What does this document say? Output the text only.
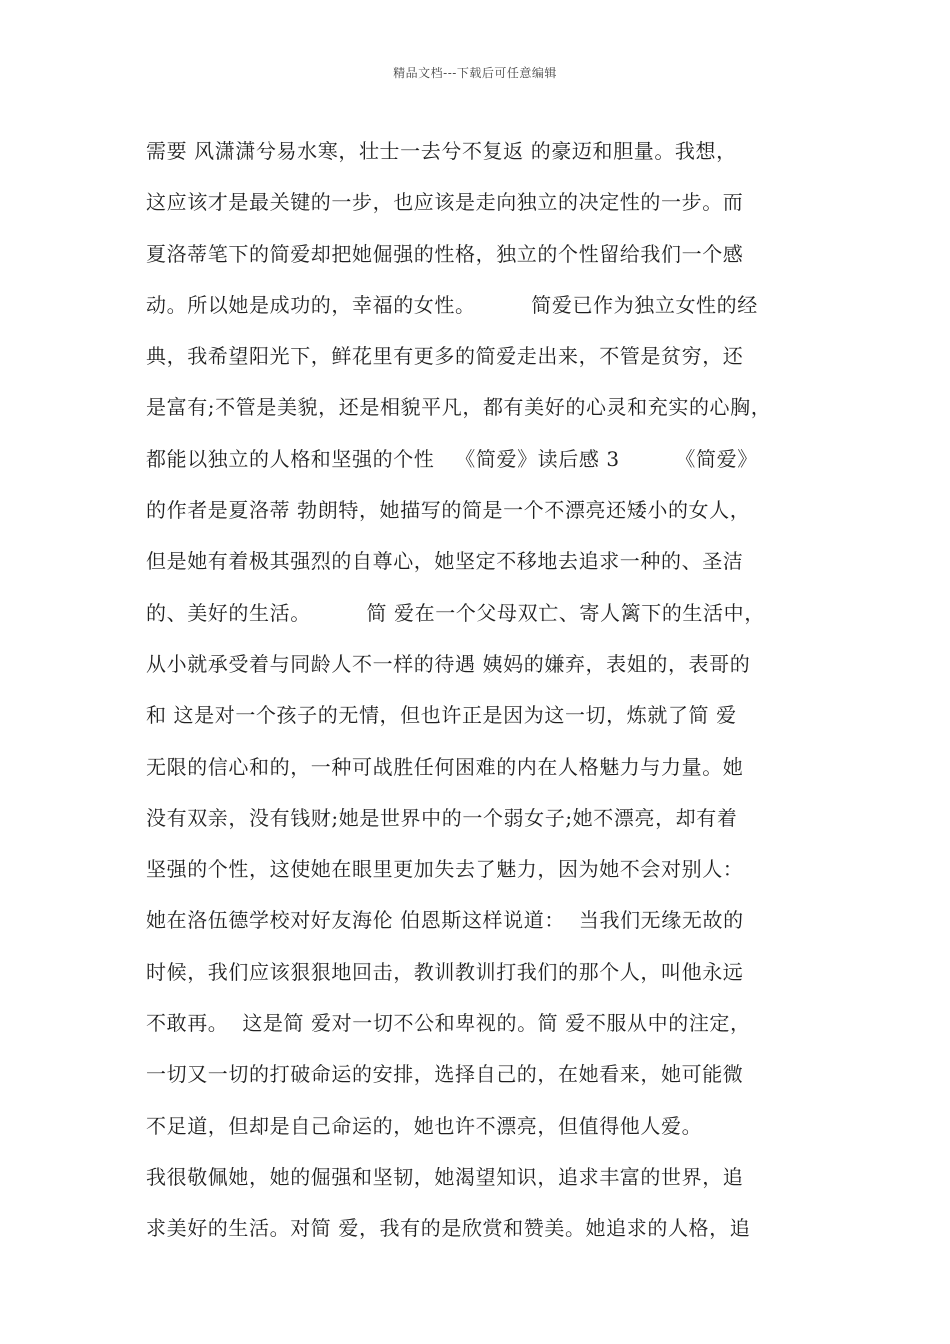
精品文档---下载后可任意编辑
需要 风潇潇兮易水寒，壮士一去兮不复返 的豪迈和胆量。我想，
这应该才是最关键的一步，也应该是走向独立的决定性的一步。而
夏洛蒂笔下的简爱却把她倔强的性格，独立的个性留给我们一个感
动。所以她是成功的，幸福的女性。        简爱已作为独立女性的经
典，我希望阳光下，鲜花里有更多的简爱走出来，不管是贫穷，还
是富有;不管是美貌，还是相貌平凡，都有美好的心灵和充实的心胸，
都能以独立的人格和坚强的个性   《简爱》读后感 3        《简爱》
的作者是夏洛蒂 勃朗特，她描写的简是一个不漂亮还矮小的女人，
但是她有着极其强烈的自尊心，她坚定不移地去追求一种的、圣洁
的、美好的生活。        简 爱在一个父母双亡、寄人篱下的生活中，
从小就承受着与同龄人不一样的待遇 姨妈的嫌弃，表姐的，表哥的
和 这是对一个孩子的无情，但也许正是因为这一切，炼就了简 爱
无限的信心和的，一种可战胜任何困难的内在人格魅力与力量。她
没有双亲，没有钱财;她是世界中的一个弱女子;她不漂亮，却有着
坚强的个性，这使她在眼里更加失去了魅力，因为她不会对别人：
她在洛伍德学校对好友海伦 伯恩斯这样说道：  当我们无缘无故的
时候，我们应该狠狠地回击，教训教训打我们的那个人，叫他永远
不敢再。  这是简 爱对一切不公和卑视的。简 爱不服从中的注定，
一切又一切的打破命运的安排，选择自己的，在她看来，她可能微
不足道，但却是自己命运的，她也许不漂亮，但值得他人爱。
我很敬佩她，她的倔强和坚韧，她渴望知识，追求丰富的世界，追
求美好的生活。对简 爱，我有的是欣赏和赞美。她追求的人格，追
